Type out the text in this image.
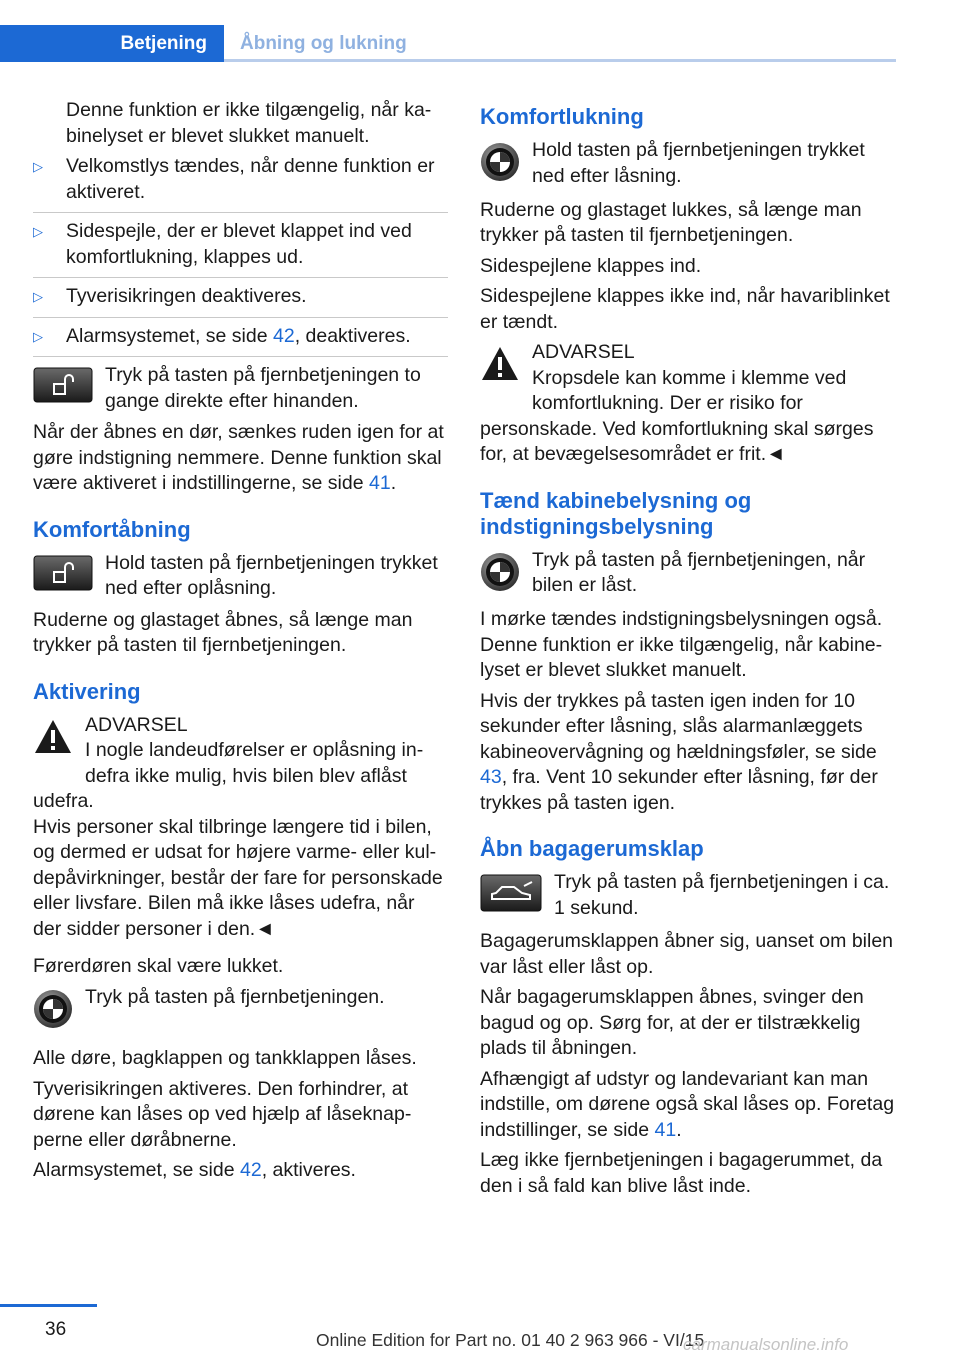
Betjening Åbning og lukning

Denne funktion er ikke tilgængelig, når kabinelyset er blevet slukket manuelt.

▷ Velkomstlys tændes, når denne funktion er aktiveret.
▷ Sidespejle, der er blevet klappet ind ved komfortlukning, klappes ud.
▷ Tyverisikringen deaktiveres.
▷ Alarmsystemet, se side 42, deaktiveres.
Tryk på tasten på fjernbetjeningen to gange direkte efter hinanden.

Når der åbnes en dør, sænkes ruden igen for at gøre indstigning nemmere. Denne funktion skal være aktiveret i indstillingerne, se side 41.

Komfortåbning
Hold tasten på fjernbetjeningen trykket ned efter oplåsning.

Ruderne og glastaget åbnes, så længe man trykker på tasten til fjernbetjeningen.

Aktivering
ADVARSEL
I nogle landeudførelser er oplåsning indefra ikke mulig, hvis bilen blev aflåst udefra.

Hvis personer skal tilbringe længere tid i bilen, og dermed er udsat for højere varme- eller kuldepåvirkninger, består der fare for personskade eller livsfare. Bilen må ikke låses udefra, når der sidder personer i den.◄

Førerdøren skal være lukket.

Tryk på tasten på fjernbetjeningen.

Alle døre, bagklappen og tankklappen låses.

Tyverisikringen aktiveres. Den forhindrer, at dørene kan låses op ved hjælp af låseknapperne eller døråbnerne.

Alarmsystemet, se side 42, aktiveres.

Komfortlukning
Hold tasten på fjernbetjeningen trykket ned efter låsning.

Ruderne og glastaget lukkes, så længe man trykker på tasten til fjernbetjeningen.

Sidespejlene klappes ind.

Sidespejlene klappes ikke ind, når havariblinket er tændt.

ADVARSEL
Kropsdele kan komme i klemme ved komfortlukning. Der er risiko for personskade. Ved komfortlukning skal sørges for, at bevægelsesområdet er frit.◄
Tænd kabinebelysning og indstigningsbelysning
Tryk på tasten på fjernbetjeningen, når bilen er låst.

I mørke tændes indstigningsbelysningen også. Denne funktion er ikke tilgængelig, når kabinelyset er blevet slukket manuelt.

Hvis der trykkes på tasten igen inden for 10 sekunder efter låsning, slås alarmanlæggets kabineovervågning og hældningsføler, se side 43, fra. Vent 10 sekunder efter låsning, før der trykkes på tasten igen.

Åbn bagagerumsklap
Tryk på tasten på fjernbetjeningen i ca. 1 sekund.

Bagagerumsklappen åbner sig, uanset om bilen var låst eller låst op.

Når bagagerumsklappen åbnes, svinger den bagud og op. Sørg for, at der er tilstrækkelig plads til åbningen.

Afhængigt af udstyr og landevariant kan man indstille, om dørene også skal låses op. Foretag indstillinger, se side 41.

Læg ikke fjernbetjeningen i bagagerummet, da den i så fald kan blive låst inde.

36	Online Edition for Part no. 01 40 2 963 966 - VI/15
carmanualsonline.info
